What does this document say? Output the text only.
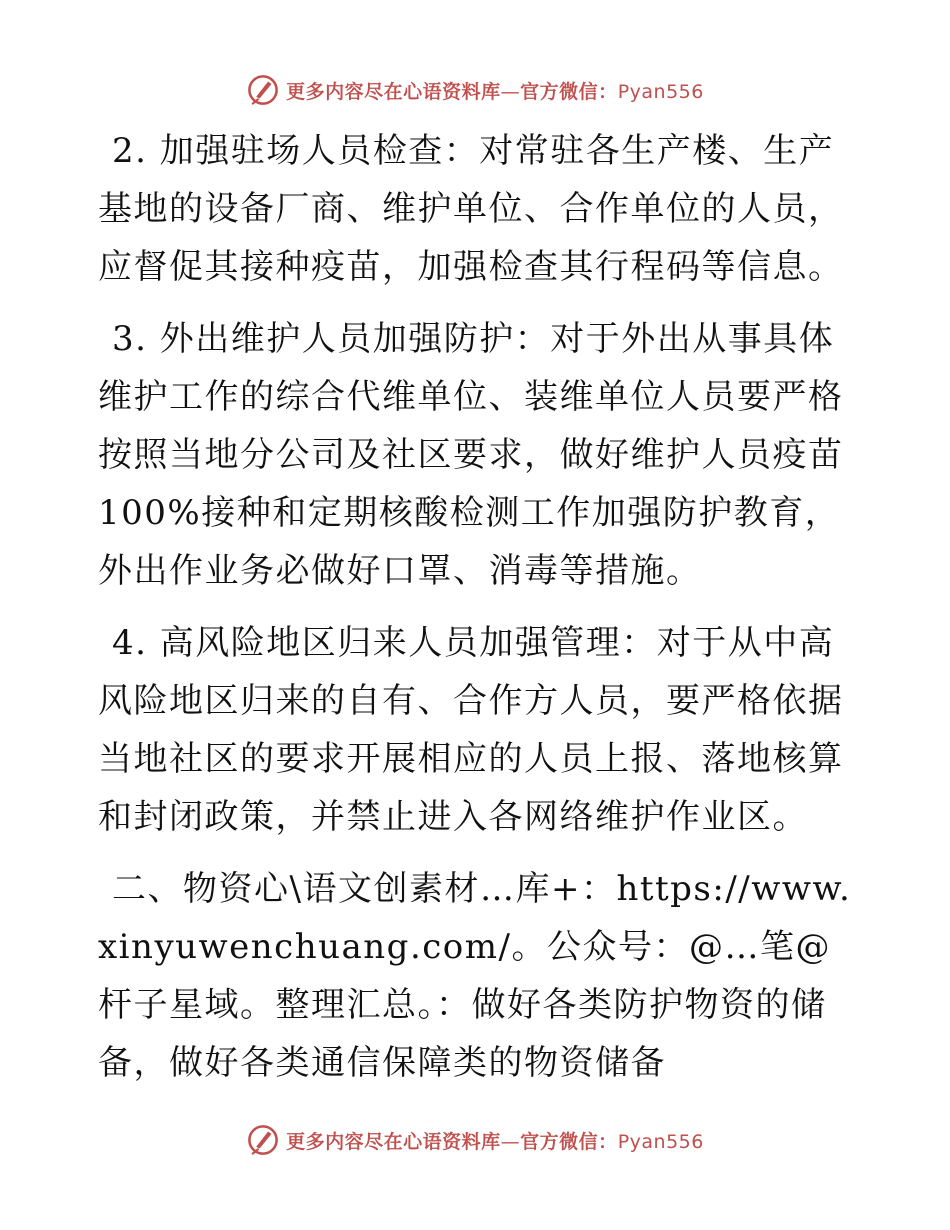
更多内容尽在心语资料库—官方微信：Pyan556

2. 加强驻场人员检查：对常驻各生产楼、生产基地的设备厂商、维护单位、合作单位的人员，应督促其接种疫苗，加强检查其行程码等信息。

3. 外出维护人员加强防护：对于外出从事具体维护工作的综合代维单位、装维单位人员要严格按照当地分公司及社区要求，做好维护人员疫苗100%接种和定期核酸检测工作加强防护教育，外出作业务必做好口罩、消毒等措施。

4. 高风险地区归来人员加强管理：对于从中高风险地区归来的自有、合作方人员，要严格依据当地社区的要求开展相应的人员上报、落地核算和封闭政策，并禁止进入各网络维护作业区。

二、物资心\语文创素材…库+：https://www.xinyuwenchuang.com/。公众号：@…笔@杆子星域。整理汇总。：做好各类防护物资的储备，做好各类通信保障类的物资储备

更多内容尽在心语资料库—官方微信：Pyan556
